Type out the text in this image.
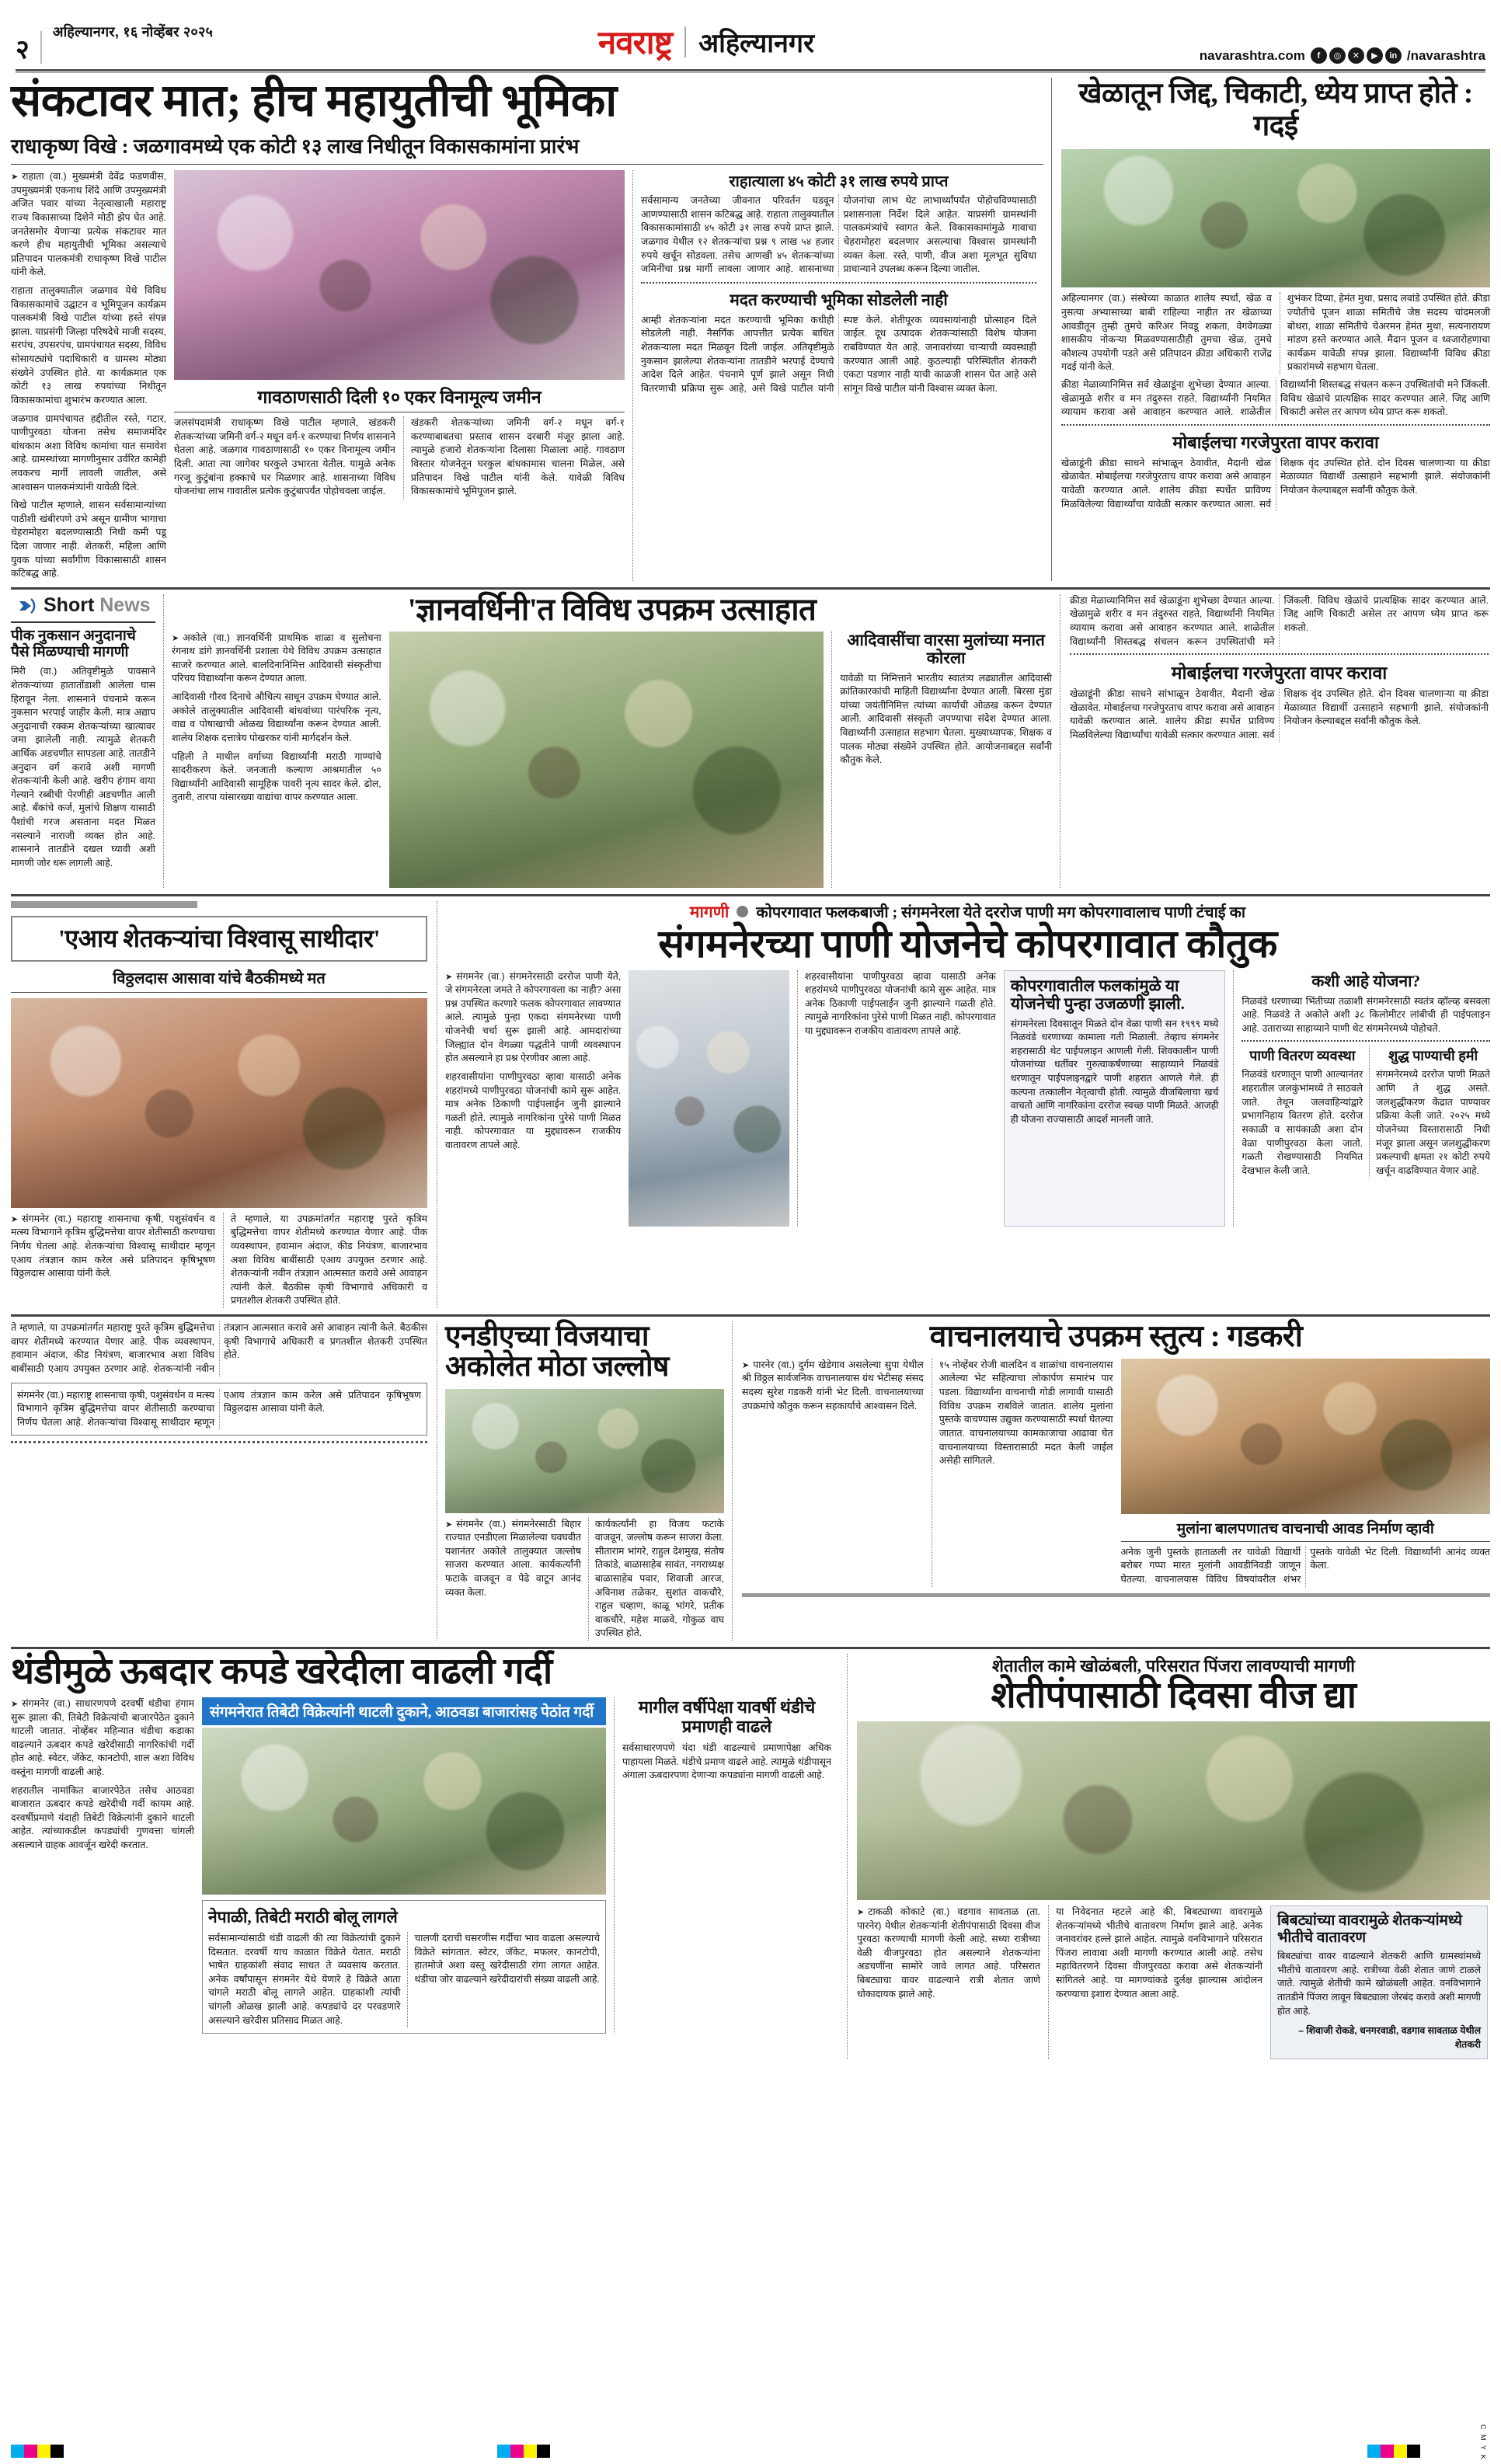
२
अहिल्यानगर, १६ नोव्हेंबर २०२५	नवराष्ट्र अहिल्यानगर	navarashtra.com	f	◎	✕	▶	in /navarashtra
संकटावर मात; हीच महायुतीची भूमिका
राधाकृष्ण विखे : जळगावमध्ये एक कोटी १३ लाख निधीतून विकासकामांना प्रारंभ

➤ राहाता (वा.) मुख्यमंत्री देवेंद्र फडणवीस, उपमुख्यमंत्री एकनाथ शिंदे आणि उपमुख्यमंत्री अजित पवार यांच्या नेतृत्वाखाली महाराष्ट्र राज्य विकासाच्या दिशेने मोठी झेप घेत आहे. जनतेसमोर येणाऱ्या प्रत्येक संकटावर मात करणे हीच महायुतीची भूमिका असल्याचे प्रतिपादन पालकमंत्री राधाकृष्ण विखे पाटील यांनी केले.

राहाता तालुक्यातील जळगाव येथे विविध विकासकामांचे उद्घाटन व भूमिपूजन कार्यक्रम पालकमंत्री विखे पाटील यांच्या हस्ते संपन्न झाला. याप्रसंगी जिल्हा परिषदेचे माजी सदस्य, सरपंच, उपसरपंच, ग्रामपंचायत सदस्य, विविध सोसायट्यांचे पदाधिकारी व ग्रामस्थ मोठ्या संख्येने उपस्थित होते. या कार्यक्रमात एक कोटी १३ लाख रुपयांच्या निधीतून विकासकामांचा शुभारंभ करण्यात आला.

जळगाव ग्रामपंचायत हद्दीतील रस्ते, गटार, पाणीपुरवठा योजना तसेच समाजमंदिर बांधकाम अशा विविध कामांचा यात समावेश आहे. ग्रामस्थांच्या मागणीनुसार उर्वरित कामेही लवकरच मार्गी लावली जातील, असे आश्वासन पालकमंत्र्यांनी यावेळी दिले.

विखे पाटील म्हणाले, शासन सर्वसामान्यांच्या पाठीशी खंबीरपणे उभे असून ग्रामीण भागाचा चेहरामोहरा बदलण्यासाठी निधी कमी पडू दिला जाणार नाही. शेतकरी, महिला आणि युवक यांच्या सर्वांगीण विकासासाठी शासन कटिबद्ध आहे.

गावठाणसाठी दिली १० एकर विनामूल्य जमीन
जलसंपदामंत्री राधाकृष्ण विखे पाटील म्हणाले, खंडकरी शेतकऱ्यांच्या जमिनी वर्ग-२ मधून वर्ग-१ करण्याचा निर्णय शासनाने घेतला आहे. जळगाव गावठाणासाठी १० एकर विनामूल्य जमीन दिली. आता त्या जागेवर घरकुले उभारता येतील. यामुळे अनेक गरजू कुटुंबांना हक्काचे घर मिळणार आहे. शासनाच्या विविध योजनांचा लाभ गावातील प्रत्येक कुटुंबापर्यंत पोहोचवला जाईल.
खंडकरी शेतकऱ्यांच्या जमिनी वर्ग-२ मधून वर्ग-१ करण्याबाबतचा प्रस्ताव शासन दरबारी मंजूर झाला आहे. त्यामुळे हजारो शेतकऱ्यांना दिलासा मिळाला आहे. गावठाण विस्तार योजनेतून घरकुल बांधकामास चालना मिळेल, असे प्रतिपादन विखे पाटील यांनी केले. यावेळी विविध विकासकामांचे भूमिपूजन झाले.
राहात्याला ४५ कोटी ३१ लाख रुपये प्राप्त
सर्वसामान्य जनतेच्या जीवनात परिवर्तन घडवून आणण्यासाठी शासन कटिबद्ध आहे. राहाता तालुक्यातील विकासकामांसाठी ४५ कोटी ३१ लाख रुपये प्राप्त झाले. जळगाव येथील १२ शेतकऱ्यांचा प्रश्न ९ लाख ५४ हजार रुपये खर्चून सोडवला. तसेच आणखी ४५ शेतकऱ्यांच्या जमिनींचा प्रश्न मार्गी लावला जाणार आहे. शासनाच्या योजनांचा लाभ थेट लाभार्थ्यांपर्यंत पोहोचविण्यासाठी प्रशासनाला निर्देश दिले आहेत. याप्रसंगी ग्रामस्थांनी पालकमंत्र्यांचे स्वागत केले. विकासकामांमुळे गावाचा चेहरामोहरा बदलणार असल्याचा विश्वास ग्रामस्थांनी व्यक्त केला. रस्ते, पाणी, वीज अशा मूलभूत सुविधा प्राधान्याने उपलब्ध करून दिल्या जातील.
मदत करण्याची भूमिका सोडलेली नाही
आम्ही शेतकऱ्यांना मदत करण्याची भूमिका कधीही सोडलेली नाही. नैसर्गिक आपत्तीत प्रत्येक बाधित शेतकऱ्याला मदत मिळवून दिली जाईल. अतिवृष्टीमुळे नुकसान झालेल्या शेतकऱ्यांना तातडीने भरपाई देण्याचे आदेश दिले आहेत. पंचनामे पूर्ण झाले असून निधी वितरणाची प्रक्रिया सुरू आहे, असे विखे पाटील यांनी स्पष्ट केले. शेतीपूरक व्यवसायांनाही प्रोत्साहन दिले जाईल. दूध उत्पादक शेतकऱ्यांसाठी विशेष योजना राबविण्यात येत आहे. जनावरांच्या चाऱ्याची व्यवस्थाही करण्यात आली आहे. कुठल्याही परिस्थितीत शेतकरी एकटा पडणार नाही याची काळजी शासन घेत आहे असे सांगून विखे पाटील यांनी विश्वास व्यक्त केला.
खेळातून जिद्द, चिकाटी, ध्येय प्राप्त होते : गदई
अहिल्यानगर (वा.) संस्थेच्या काळात शालेय स्पर्धा, खेळ व नुसत्या अभ्यासाच्या बाबी राहिल्या नाहीत तर खेळाच्या आवडीतून तुम्ही तुमचे करिअर निवडू शकता, वेगवेगळ्या शासकीय नोकऱ्या मिळवण्यासाठीही तुमचा खेळ, तुमचे कौशल्य उपयोगी पडते असे प्रतिपादन क्रीडा अधिकारी राजेंद्र गदई यांनी केले.
शुभंकर दिप्या, हेमंत मुथा, प्रसाद लवांडे उपस्थित होते. क्रीडा ज्योतीचे पूजन शाळा समितीचे जेष्ठ सदस्य चांदमलजी बोथरा, शाळा समितीचे चेअरमन हेमंत मुथा, सत्यनारायण मांडण हस्ते करण्यात आले. मैदान पूजन व ध्वजारोहणाचा कार्यक्रम यावेळी संपन्न झाला. विद्यार्थ्यांनी विविध क्रीडा प्रकारांमध्ये सहभाग घेतला.
क्रीडा मेळाव्यानिमित्त सर्व खेळाडूंना शुभेच्छा देण्यात आल्या. खेळामुळे शरीर व मन तंदुरुस्त राहते, विद्यार्थ्यांनी नियमित व्यायाम करावा असे आवाहन करण्यात आले. शाळेतील विद्यार्थ्यांनी शिस्तबद्ध संचलन करून उपस्थितांची मने जिंकली. विविध खेळांचे प्रात्यक्षिक सादर करण्यात आले. जिद्द आणि चिकाटी असेल तर आपण ध्येय प्राप्त करू शकतो.
मोबाईलचा गरजेपुरता वापर करावा
खेळाडूंनी क्रीडा साधने सांभाळून ठेवावीत, मैदानी खेळ खेळावेत. मोबाईलचा गरजेपुरताच वापर करावा असे आवाहन यावेळी करण्यात आले. शालेय क्रीडा स्पर्धेत प्राविण्य मिळविलेल्या विद्यार्थ्यांचा यावेळी सत्कार करण्यात आला. सर्व शिक्षक वृंद उपस्थित होते. दोन दिवस चालणाऱ्या या क्रीडा मेळाव्यात विद्यार्थी उत्साहाने सहभागी झाले. संयोजकांनी नियोजन केल्याबद्दल सर्वांनी कौतुक केले.
Short News
पीक नुकसान अनुदानाचे पैसे मिळण्याची मागणी
मिरी (वा.) अतिवृष्टीमुळे पावसाने शेतकऱ्यांच्या हातातोंडाशी आलेला घास हिरावून नेला. शासनाने पंचनामे करून नुकसान भरपाई जाहीर केली. मात्र अद्याप अनुदानाची रक्कम शेतकऱ्यांच्या खात्यावर जमा झालेली नाही. त्यामुळे शेतकरी आर्थिक अडचणीत सापडला आहे. तातडीने अनुदान वर्ग करावे अशी मागणी शेतकऱ्यांनी केली आहे. खरीप हंगाम वाया गेल्याने रब्बीची पेरणीही अडचणीत आली आहे. बँकांचे कर्ज, मुलांचे शिक्षण यासाठी पैशांची गरज असताना मदत मिळत नसल्याने नाराजी व्यक्त होत आहे. शासनाने तातडीने दखल घ्यावी अशी मागणी जोर धरू लागली आहे.
'ज्ञानवर्धिनी'त विविध उपक्रम उत्साहात
➤ अकोले (वा.) ज्ञानवर्धिनी प्राथमिक शाळा व सुलोचना रंगनाथ डांगे ज्ञानवर्धिनी प्रशाला येथे विविध उपक्रम उत्साहात साजरे करण्यात आले. बालदिनानिमित्त आदिवासी संस्कृतीचा परिचय विद्यार्थ्यांना करून देण्यात आला.
आदिवासी गौरव दिनाचे औचित्य साधून उपक्रम घेण्यात आले. अकोले तालुक्यातील आदिवासी बांधवांच्या पारंपरिक नृत्य, वाद्य व पोषाखाची ओळख विद्यार्थ्यांना करून देण्यात आली. शालेय शिक्षक दत्तात्रेय पोखरकर यांनी मार्गदर्शन केले.
पहिली ते माथील वर्गाच्या विद्यार्थ्यांनी मराठी गाण्यांचे सादरीकरण केले. जनजाती कल्याण आश्रमातील ५० विद्यार्थ्यांनी आदिवासी सामूहिक पावरी नृत्य सादर केले. ढोल, तुतारी, तारपा यांसारख्या वाद्यांचा वापर करण्यात आला.
आदिवासींचा वारसा मुलांच्या मनात कोरला
यावेळी या निमित्ताने भारतीय स्वातंत्र्य लढ्यातील आदिवासी क्रांतिकारकांची माहिती विद्यार्थ्यांना देण्यात आली. बिरसा मुंडा यांच्या जयंतीनिमित्त त्यांच्या कार्याची ओळख करून देण्यात आली. आदिवासी संस्कृती जपण्याचा संदेश देण्यात आला. विद्यार्थ्यांनी उत्साहात सहभाग घेतला. मुख्याध्यापक, शिक्षक व पालक मोठ्या संख्येने उपस्थित होते. आयोजनाबद्दल सर्वांनी कौतुक केले.
क्रीडा मेळाव्यानिमित्त सर्व खेळाडूंना शुभेच्छा देण्यात आल्या. खेळामुळे शरीर व मन तंदुरुस्त राहते, विद्यार्थ्यांनी नियमित व्यायाम करावा असे आवाहन करण्यात आले. शाळेतील विद्यार्थ्यांनी शिस्तबद्ध संचलन करून उपस्थितांची मने जिंकली. विविध खेळांचे प्रात्यक्षिक सादर करण्यात आले. जिद्द आणि चिकाटी असेल तर आपण ध्येय प्राप्त करू शकतो.
मोबाईलचा गरजेपुरता वापर करावा
खेळाडूंनी क्रीडा साधने सांभाळून ठेवावीत, मैदानी खेळ खेळावेत. मोबाईलचा गरजेपुरताच वापर करावा असे आवाहन यावेळी करण्यात आले. शालेय क्रीडा स्पर्धेत प्राविण्य मिळविलेल्या विद्यार्थ्यांचा यावेळी सत्कार करण्यात आला. सर्व शिक्षक वृंद उपस्थित होते. दोन दिवस चालणाऱ्या या क्रीडा मेळाव्यात विद्यार्थी उत्साहाने सहभागी झाले. संयोजकांनी नियोजन केल्याबद्दल सर्वांनी कौतुक केले.
'एआय शेतकऱ्यांचा विश्वासू साथीदार'
विठ्ठलदास आसावा यांचे बैठकीमध्ये मत
➤ संगमनेर (वा.) महाराष्ट्र शासनाचा कृषी, पशुसंवर्धन व मत्स्य विभागाने कृत्रिम बुद्धिमत्तेचा वापर शेतीसाठी करण्याचा निर्णय घेतला आहे. शेतकऱ्यांचा विश्वासू साथीदार म्हणून एआय तंत्रज्ञान काम करेल असे प्रतिपादन कृषिभूषण विठ्ठलदास आसावा यांनी केले.
ते म्हणाले, या उपक्रमांतर्गत महाराष्ट्र पुरते कृत्रिम बुद्धिमत्तेचा वापर शेतीमध्ये करण्यात येणार आहे. पीक व्यवस्थापन, हवामान अंदाज, कीड नियंत्रण, बाजारभाव अशा विविध बाबींसाठी एआय उपयुक्त ठरणार आहे. शेतकऱ्यांनी नवीन तंत्रज्ञान आत्मसात करावे असे आवाहन त्यांनी केले. बैठकीस कृषी विभागाचे अधिकारी व प्रगतशील शेतकरी उपस्थित होते.
मागणी कोपरगावात फलकबाजी ; संगमनेरला येते दररोज पाणी मग कोपरगावालाच पाणी टंचाई का
संगमनेरच्या पाणी योजनेचे कोपरगावात कौतुक
➤ संगमनेर (वा.) संगमनेरसाठी दररोज पाणी येते, जे संगमनेरला जमते ते कोपरगावला का नाही? असा प्रश्न उपस्थित करणारे फलक कोपरगावात लावण्यात आले. त्यामुळे पुन्हा एकदा संगमनेरच्या पाणी योजनेची चर्चा सुरू झाली आहे. आमदारांच्या जिल्ह्यात दोन वेगळ्या पद्धतीने पाणी व्यवस्थापन होत असल्याने हा प्रश्न ऐरणीवर आला आहे.
शहरवासीयांना पाणीपुरवठा व्हावा यासाठी अनेक शहरांमध्ये पाणीपुरवठा योजनांची कामे सुरू आहेत. मात्र अनेक ठिकाणी पाईपलाईन जुनी झाल्याने गळती होते. त्यामुळे नागरिकांना पुरेसे पाणी मिळत नाही. कोपरगावात या मुद्द्यावरून राजकीय वातावरण तापले आहे.
शहरवासीयांना पाणीपुरवठा व्हावा यासाठी अनेक शहरांमध्ये पाणीपुरवठा योजनांची कामे सुरू आहेत. मात्र अनेक ठिकाणी पाईपलाईन जुनी झाल्याने गळती होते. त्यामुळे नागरिकांना पुरेसे पाणी मिळत नाही. कोपरगावात या मुद्द्यावरून राजकीय वातावरण तापले आहे.
कोपरगावातील फलकांमुळे या योजनेची पुन्हा उजळणी झाली.
संगमनेरला दिवसातून मिळते दोन वेळा पाणी सन १९९९ मध्ये निळवंडे धरणाच्या कामाला गती मिळाली. तेव्हाच संगमनेर शहरासाठी थेट पाईपलाइन आणली गेली. शिवकालीन पाणी योजनांच्या धर्तीवर गुरुत्वाकर्षणाच्या साहाय्याने निळवंडे धरणातून पाईपलाइनद्वारे पाणी शहरात आणले गेले. ही कल्पना तत्कालीन नेतृत्वाची होती. त्यामुळे वीजबिलाचा खर्च वाचतो आणि नागरिकांना दररोज स्वच्छ पाणी मिळते. आजही ही योजना राज्यासाठी आदर्श मानली जाते.
कशी आहे योजना?
निळवंडे धरणाच्या भिंतीच्या तळाशी संगमनेरसाठी स्वतंत्र व्हॉल्व्ह बसवला आहे. निळवंडे ते अकोले अशी ३८ किलोमीटर लांबीची ही पाईपलाइन आहे. उताराच्या साहाय्याने पाणी थेट संगमनेरमध्ये पोहोचते.
पाणी वितरण व्यवस्था
निळवंडे धरणातून पाणी आल्यानंतर शहरातील जलकुंभांमध्ये ते साठवले जाते. तेथून जलवाहिन्यांद्वारे प्रभागनिहाय वितरण होते. दररोज सकाळी व सायंकाळी अशा दोन वेळा पाणीपुरवठा केला जातो. गळती रोखण्यासाठी नियमित देखभाल केली जाते.
शुद्ध पाण्याची हमी
संगमनेरमध्ये दररोज पाणी मिळते आणि ते शुद्ध असते. जलशुद्धीकरण केंद्रात पाण्यावर प्रक्रिया केली जाते. २०२५ मध्ये योजनेच्या विस्तारासाठी निधी मंजूर झाला असून जलशुद्धीकरण प्रकल्पाची क्षमता २१ कोटी रुपये खर्चून वाढविण्यात येणार आहे.
ते म्हणाले, या उपक्रमांतर्गत महाराष्ट्र पुरते कृत्रिम बुद्धिमत्तेचा वापर शेतीमध्ये करण्यात येणार आहे. पीक व्यवस्थापन, हवामान अंदाज, कीड नियंत्रण, बाजारभाव अशा विविध बाबींसाठी एआय उपयुक्त ठरणार आहे. शेतकऱ्यांनी नवीन तंत्रज्ञान आत्मसात करावे असे आवाहन त्यांनी केले. बैठकीस कृषी विभागाचे अधिकारी व प्रगतशील शेतकरी उपस्थित होते.
संगमनेर (वा.) महाराष्ट्र शासनाचा कृषी, पशुसंवर्धन व मत्स्य विभागाने कृत्रिम बुद्धिमत्तेचा वापर शेतीसाठी करण्याचा निर्णय घेतला आहे. शेतकऱ्यांचा विश्वासू साथीदार म्हणून एआय तंत्रज्ञान काम करेल असे प्रतिपादन कृषिभूषण विठ्ठलदास आसावा यांनी केले.
एनडीएच्या विजयाचा अकोलेत मोठा जल्लोष
➤ संगमनेर (वा.) संगमनेरसाठी बिहार राज्यात एनडीएला मिळालेल्या घवघवीत यशानंतर अकोले तालुक्यात जल्लोष साजरा करण्यात आला. कार्यकर्त्यांनी फटाके वाजवून व पेढे वाटून आनंद व्यक्त केला.
कार्यकर्त्यांनी हा विजय फटाके वाजवून, जल्लोष करून साजरा केला. सीताराम भांगरे, राहुल देशमुख, संतोष तिकांडे, बाळासाहेब सावंत, नगराध्यक्ष बाळासाहेब पवार, शिवाजी आरज, अविनाश तळेकर, सुशांत वाकचौरे, राहुल चव्हाण, काळू भांगरे, प्रतीक वाकचौरे, महेश माळवे, गोकुळ वाघ उपस्थित होते.
वाचनालयाचे उपक्रम स्तुत्य : गडकरी
➤ पारनेर (वा.) दुर्गम खेडेगाव असलेल्या सुपा येथील श्री विठ्ठल सार्वजनिक वाचनालयास ग्रंथ भेटीसह संसद सदस्य सुरेश गडकरी यांनी भेट दिली. वाचनालयाच्या उपक्रमांचे कौतुक करून सहकार्याचे आश्वासन दिले.
१५ नोव्हेंबर रोजी बालदिन व शाळांचा वाचनालयास आलेल्या भेट सहित्याचा लोकार्पण समारंभ पार पडला. विद्यार्थ्यांना वाचनाची गोडी लागावी यासाठी विविध उपक्रम राबविले जातात. शालेय मुलांना पुस्तके वाचण्यास उद्युक्त करण्यासाठी स्पर्धा घेतल्या जातात. वाचनालयाच्या कामकाजाचा आढावा घेत वाचनालयाच्या विस्तारासाठी मदत केली जाईल असेही सांगितले.
मुलांना बालपणातच वाचनाची आवड निर्माण व्हावी
अनेक जुनी पुस्तके हाताळली तर यावेळी विद्यार्थी बरोबर गप्पा मारत मुलांनी आवडीनिवडी जाणून घेतल्या. वाचनालयास विविध विषयांवरील शंभर पुस्तके यावेळी भेट दिली. विद्यार्थ्यांनी आनंद व्यक्त केला.
थंडीमुळे ऊबदार कपडे खरेदीला वाढली गर्दी
➤ संगमनेर (वा.) साधारणपणे दरवर्षी थंडीचा हंगाम सुरू झाला की, तिबेटी विक्रेत्यांची बाजारपेठेत दुकाने थाटली जातात. नोव्हेंबर महिन्यात थंडीचा कडाका वाढल्याने ऊबदार कपडे खरेदीसाठी नागरिकांची गर्दी होत आहे. स्वेटर, जॅकेट, कानटोपी, शाल अशा विविध वस्तूंना मागणी वाढली आहे.
शहरातील नामांकित बाजारपेठेत तसेच आठवडा बाजारात ऊबदार कपडे खरेदीची गर्दी कायम आहे. दरवर्षीप्रमाणे यंदाही तिबेटी विक्रेत्यांनी दुकाने थाटली आहेत. त्यांच्याकडील कपड्यांची गुणवत्ता चांगली असल्याने ग्राहक आवर्जून खरेदी करतात.
संगमनेरात तिबेटी विक्रेत्यांनी थाटली दुकाने, आठवडा बाजारांसह पेठांत गर्दी
नेपाळी, तिबेटी मराठी बोलू लागले
सर्वसामान्यांसाठी थंडी वाढली की त्या विक्रेत्यांची दुकाने दिसतात. दरवर्षी याच काळात विक्रेते येतात. मराठी भाषेत ग्राहकांशी संवाद साधत ते व्यवसाय करतात. अनेक वर्षांपासून संगमनेर येथे येणारे हे विक्रेते आता चांगले मराठी बोलू लागले आहेत. ग्राहकांशी त्यांची चांगली ओळख झाली आहे. कपड्यांचे दर परवडणारे असल्याने खरेदीस प्रतिसाद मिळत आहे.
चालणी दराची घसरणीस गर्दीचा भाव वाढला असल्याचे विक्रेते सांगतात. स्वेटर, जॅकेट, मफलर, कानटोपी, हातमोजे अशा वस्तू खरेदीसाठी रांगा लागत आहेत. थंडीचा जोर वाढल्याने खरेदीदारांची संख्या वाढली आहे.
मागील वर्षीपेक्षा यावर्षी थंडीचे प्रमाणही वाढले
सर्वसाधारणपणे यंदा थंडी वाढल्याचे प्रमाणापेक्षा अधिक पाहायला मिळते. थंडीचे प्रमाण वाढले आहे. त्यामुळे थंडीपासून अंगाला ऊबदारपणा देणाऱ्या कपड्यांना मागणी वाढली आहे.
शेतातील कामे खोळंबली, परिसरात पिंजरा लावण्याची मागणी
शेतीपंपासाठी दिवसा वीज द्या
➤ टाकळी कोकाटे (वा.) वडगाव सावताळ (ता. पारनेर) येथील शेतकऱ्यांनी शेतीपंपासाठी दिवसा वीज पुरवठा करण्याची मागणी केली आहे. सध्या रात्रीच्या वेळी वीजपुरवठा होत असल्याने शेतकऱ्यांना अडचणींना सामोरे जावे लागत आहे. परिसरात बिबट्याचा वावर वाढल्याने रात्री शेतात जाणे धोकादायक झाले आहे.
या निवेदनात म्हटले आहे की, बिबट्याच्या वावरामुळे शेतकऱ्यांमध्ये भीतीचे वातावरण निर्माण झाले आहे. अनेक जनावरांवर हल्ले झाले आहेत. त्यामुळे वनविभागाने परिसरात पिंजरा लावावा अशी मागणी करण्यात आली आहे. तसेच महावितरणने दिवसा वीजपुरवठा करावा असे शेतकऱ्यांनी सांगितले आहे. या मागण्यांकडे दुर्लक्ष झाल्यास आंदोलन करण्याचा इशारा देण्यात आला आहे.
बिबट्यांच्या वावरामुळे शेतकऱ्यांमध्ये भीतीचे वातावरण
बिबट्यांचा वावर वाढल्याने शेतकरी आणि ग्रामस्थांमध्ये भीतीचे वातावरण आहे. रात्रीच्या वेळी शेतात जाणे टाळले जाते. त्यामुळे शेतीची कामे खोळंबली आहेत. वनविभागाने तातडीने पिंजरा लावून बिबट्याला जेरबंद करावे अशी मागणी होत आहे.
– शिवाजी रोकडे, धनगरवाडी, वडगाव सावताळ येथील शेतकरी
C M Y K
